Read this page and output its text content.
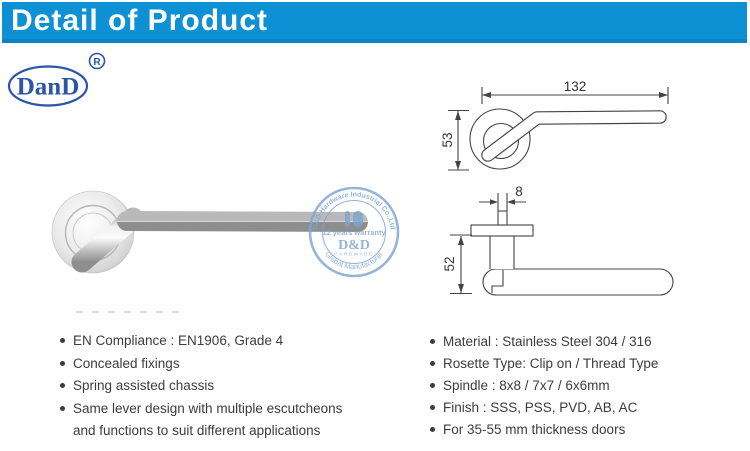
Detail of Product
DanD
R
D&D Hardware Industrial Co.,Ltd
12 years warranty
D&D
HARDWARE
Global Manufacturer
132
53
8
52
EN Compliance : EN1906, Grade 4
Concealed fixings
Spring assisted chassis
Same lever design with multiple escutcheons
and functions to suit different applications
Material : Stainless Steel 304 / 316
Rosette Type: Clip on / Thread Type
Spindle : 8x8 / 7x7 / 6x6mm
Finish : SSS, PSS, PVD, AB, AC
For 35-55 mm thickness doors
